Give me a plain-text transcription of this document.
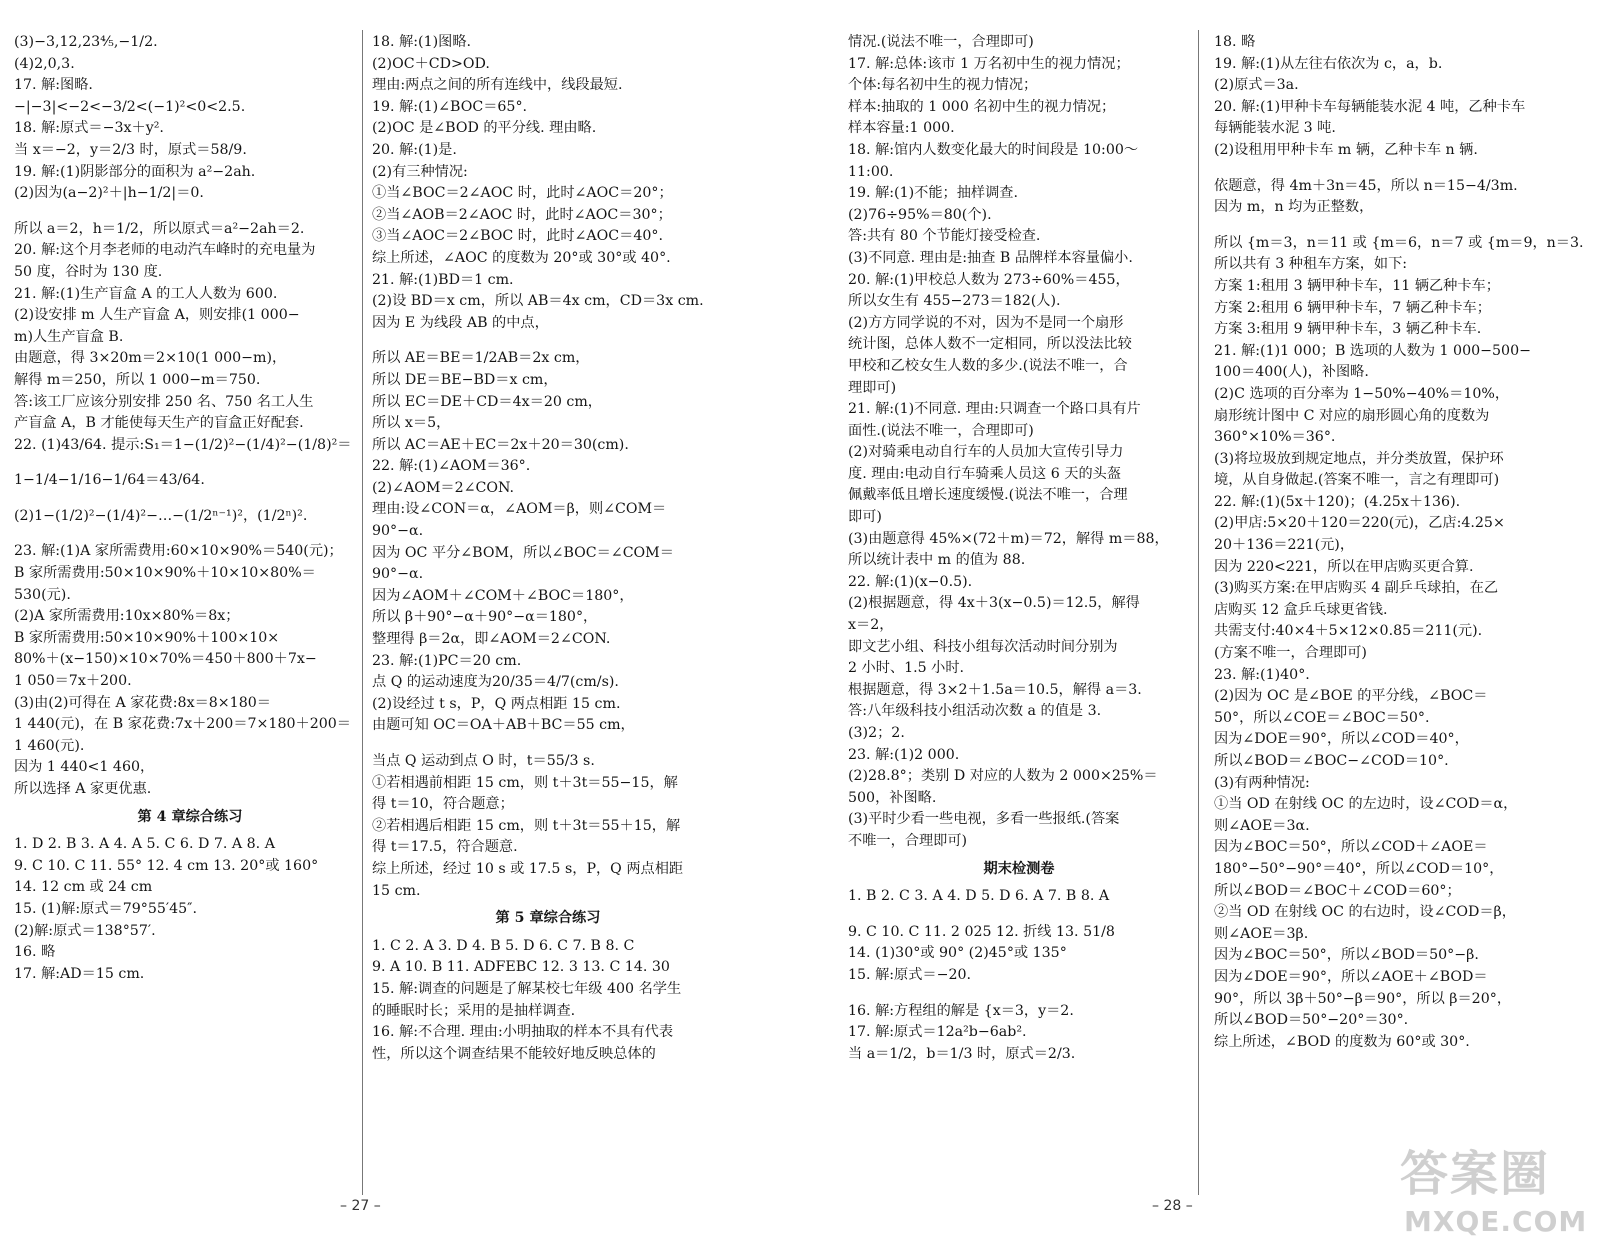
(3)−3,12,23⅘,−1/2.
(4)2,0,3.
17. 解:图略.
−|−3|<−2<−3/2<(−1)²<0<2.5.
18. 解:原式＝−3x＋y².
当 x＝−2，y＝2/3 时，原式＝58/9.
19. 解:(1)阴影部分的面积为 a²−2ah.
(2)因为(a−2)²＋|h−1/2|＝0.
所以 a＝2，h＝1/2，所以原式＝a²−2ah＝2.
20. 解:这个月李老师的电动汽车峰时的充电量为
50 度，谷时为 130 度.
21. 解:(1)生产盲盒 A 的工人人数为 600.
(2)设安排 m 人生产盲盒 A，则安排(1 000−
m)人生产盲盒 B.
由题意，得 3×20m＝2×10(1 000−m)，
解得 m＝250，所以 1 000−m＝750.
答:该工厂应该分别安排 250 名、750 名工人生
产盲盒 A，B 才能使每天生产的盲盒正好配套.
22. (1)43/64. 提示:S₁＝1−(1/2)²−(1/4)²−(1/8)²＝
1−1/4−1/16−1/64＝43/64.
(2)1−(1/2)²−(1/4)²−…−(1/2ⁿ⁻¹)²，(1/2ⁿ)².
23. 解:(1)A 家所需费用:60×10×90%＝540(元)；
B 家所需费用:50×10×90%＋10×10×80%＝
530(元).
(2)A 家所需费用:10x×80%＝8x；
B 家所需费用:50×10×90%＋100×10×
80%＋(x−150)×10×70%＝450＋800＋7x−
1 050＝7x＋200.
(3)由(2)可得在 A 家花费:8x＝8×180＝
1 440(元)，在 B 家花费:7x＋200＝7×180＋200＝
1 460(元).
因为 1 440<1 460，
所以选择 A 家更优惠.
第 4 章综合练习
1. D 2. B 3. A 4. A 5. C 6. D 7. A 8. A
9. C 10. C 11. 55° 12. 4 cm 13. 20°或 160°
14. 12 cm 或 24 cm
15. (1)解:原式＝79°55′45″.
(2)解:原式＝138°57′.
16. 略
17. 解:AD＝15 cm.
18. 解:(1)图略.
(2)OC＋CD>OD.
理由:两点之间的所有连线中，线段最短.
19. 解:(1)∠BOC＝65°.
(2)OC 是∠BOD 的平分线. 理由略.
20. 解:(1)是.
(2)有三种情况:
①当∠BOC＝2∠AOC 时，此时∠AOC＝20°；
②当∠AOB＝2∠AOC 时，此时∠AOC＝30°；
③当∠AOC＝2∠BOC 时，此时∠AOC＝40°.
综上所述，∠AOC 的度数为 20°或 30°或 40°.
21. 解:(1)BD＝1 cm.
(2)设 BD＝x cm，所以 AB＝4x cm，CD＝3x cm.
因为 E 为线段 AB 的中点，
所以 AE＝BE＝1/2AB＝2x cm，
所以 DE＝BE−BD＝x cm，
所以 EC＝DE＋CD＝4x＝20 cm，
所以 x＝5，
所以 AC＝AE＋EC＝2x＋20＝30(cm).
22. 解:(1)∠AOM＝36°.
(2)∠AOM＝2∠CON.
理由:设∠CON＝α，∠AOM＝β，则∠COM＝
90°−α.
因为 OC 平分∠BOM，所以∠BOC＝∠COM＝
90°−α.
因为∠AOM＋∠COM＋∠BOC＝180°，
所以 β＋90°−α＋90°−α＝180°，
整理得 β＝2α，即∠AOM＝2∠CON.
23. 解:(1)PC＝20 cm.
点 Q 的运动速度为20/35＝4/7(cm/s).
(2)设经过 t s，P，Q 两点相距 15 cm.
由题可知 OC＝OA＋AB＋BC＝55 cm，
当点 Q 运动到点 O 时，t＝55/3 s.
①若相遇前相距 15 cm，则 t＋3t＝55−15，解
得 t＝10，符合题意；
②若相遇后相距 15 cm，则 t＋3t＝55＋15，解
得 t＝17.5，符合题意.
综上所述，经过 10 s 或 17.5 s，P，Q 两点相距
15 cm.
第 5 章综合练习
1. C 2. A 3. D 4. B 5. D 6. C 7. B 8. C
9. A 10. B 11. ADFEBC 12. 3 13. C 14. 30
15. 解:调查的问题是了解某校七年级 400 名学生
的睡眠时长；采用的是抽样调查.
16. 解:不合理. 理由:小明抽取的样本不具有代表
性，所以这个调查结果不能较好地反映总体的
情况.(说法不唯一，合理即可)
17. 解:总体:该市 1 万名初中生的视力情况；
个体:每名初中生的视力情况；
样本:抽取的 1 000 名初中生的视力情况；
样本容量:1 000.
18. 解:馆内人数变化最大的时间段是 10:00～
11:00.
19. 解:(1)不能；抽样调查.
(2)76÷95%＝80(个).
答:共有 80 个节能灯接受检查.
(3)不同意. 理由是:抽查 B 品牌样本容量偏小.
20. 解:(1)甲校总人数为 273÷60%＝455，
所以女生有 455−273＝182(人).
(2)方方同学说的不对，因为不是同一个扇形
统计图，总体人数不一定相同，所以没法比较
甲校和乙校女生人数的多少.(说法不唯一，合
理即可)
21. 解:(1)不同意. 理由:只调查一个路口具有片
面性.(说法不唯一，合理即可)
(2)对骑乘电动自行车的人员加大宣传引导力
度. 理由:电动自行车骑乘人员这 6 天的头盔
佩戴率低且增长速度缓慢.(说法不唯一，合理
即可)
(3)由题意得 45%×(72＋m)＝72，解得 m＝88，
所以统计表中 m 的值为 88.
22. 解:(1)(x−0.5).
(2)根据题意，得 4x＋3(x−0.5)＝12.5，解得
x＝2，
即文艺小组、科技小组每次活动时间分别为
2 小时、1.5 小时.
根据题意，得 3×2＋1.5a＝10.5，解得 a＝3.
答:八年级科技小组活动次数 a 的值是 3.
(3)2；2.
23. 解:(1)2 000.
(2)28.8°；类别 D 对应的人数为 2 000×25%＝
500，补图略.
(3)平时少看一些电视，多看一些报纸.(答案
不唯一，合理即可)
期末检测卷
1. B 2. C 3. A 4. D 5. D 6. A 7. B 8. A
9. C 10. C 11. 2 025 12. 折线 13. 51/8
14. (1)30°或 90° (2)45°或 135°
15. 解:原式＝−20.
16. 解:方程组的解是 {x＝3，y＝2.
17. 解:原式＝12a²b−6ab².
当 a＝1/2，b＝1/3 时，原式＝2/3.
18. 略
19. 解:(1)从左往右依次为 c，a，b.
(2)原式＝3a.
20. 解:(1)甲种卡车每辆能装水泥 4 吨，乙种卡车
每辆能装水泥 3 吨.
(2)设租用甲种卡车 m 辆，乙种卡车 n 辆.
依题意，得 4m＋3n＝45，所以 n＝15−4/3m.
因为 m，n 均为正整数，
所以 {m＝3，n＝11 或 {m＝6，n＝7 或 {m＝9，n＝3.
所以共有 3 种租车方案，如下:
方案 1:租用 3 辆甲种卡车，11 辆乙种卡车；
方案 2:租用 6 辆甲种卡车，7 辆乙种卡车；
方案 3:租用 9 辆甲种卡车，3 辆乙种卡车.
21. 解:(1)1 000；B 选项的人数为 1 000−500−
100＝400(人)，补图略.
(2)C 选项的百分率为 1−50%−40%＝10%，
扇形统计图中 C 对应的扇形圆心角的度数为
360°×10%＝36°.
(3)将垃圾放到规定地点，并分类放置，保护环
境，从自身做起.(答案不唯一，言之有理即可)
22. 解:(1)(5x＋120)；(4.25x＋136).
(2)甲店:5×20＋120＝220(元)，乙店:4.25×
20＋136＝221(元)，
因为 220<221，所以在甲店购买更合算.
(3)购买方案:在甲店购买 4 副乒乓球拍，在乙
店购买 12 盒乒乓球更省钱.
共需支付:40×4＋5×12×0.85＝211(元).
(方案不唯一，合理即可)
23. 解:(1)40°.
(2)因为 OC 是∠BOE 的平分线，∠BOC＝
50°，所以∠COE＝∠BOC＝50°.
因为∠DOE＝90°，所以∠COD＝40°，
所以∠BOD＝∠BOC−∠COD＝10°.
(3)有两种情况:
①当 OD 在射线 OC 的左边时，设∠COD＝α，
则∠AOE＝3α.
因为∠BOC＝50°，所以∠COD＋∠AOE＝
180°−50°−90°＝40°，所以∠COD＝10°，
所以∠BOD＝∠BOC＋∠COD＝60°；
②当 OD 在射线 OC 的右边时，设∠COD＝β，
则∠AOE＝3β.
因为∠BOC＝50°，所以∠BOD＝50°−β.
因为∠DOE＝90°，所以∠AOE＋∠BOD＝
90°，所以 3β＋50°−β＝90°，所以 β＝20°，
所以∠BOD＝50°−20°＝30°.
综上所述，∠BOD 的度数为 60°或 30°.
– 27 –	– 28 –
答案圈
MXQE.COM
